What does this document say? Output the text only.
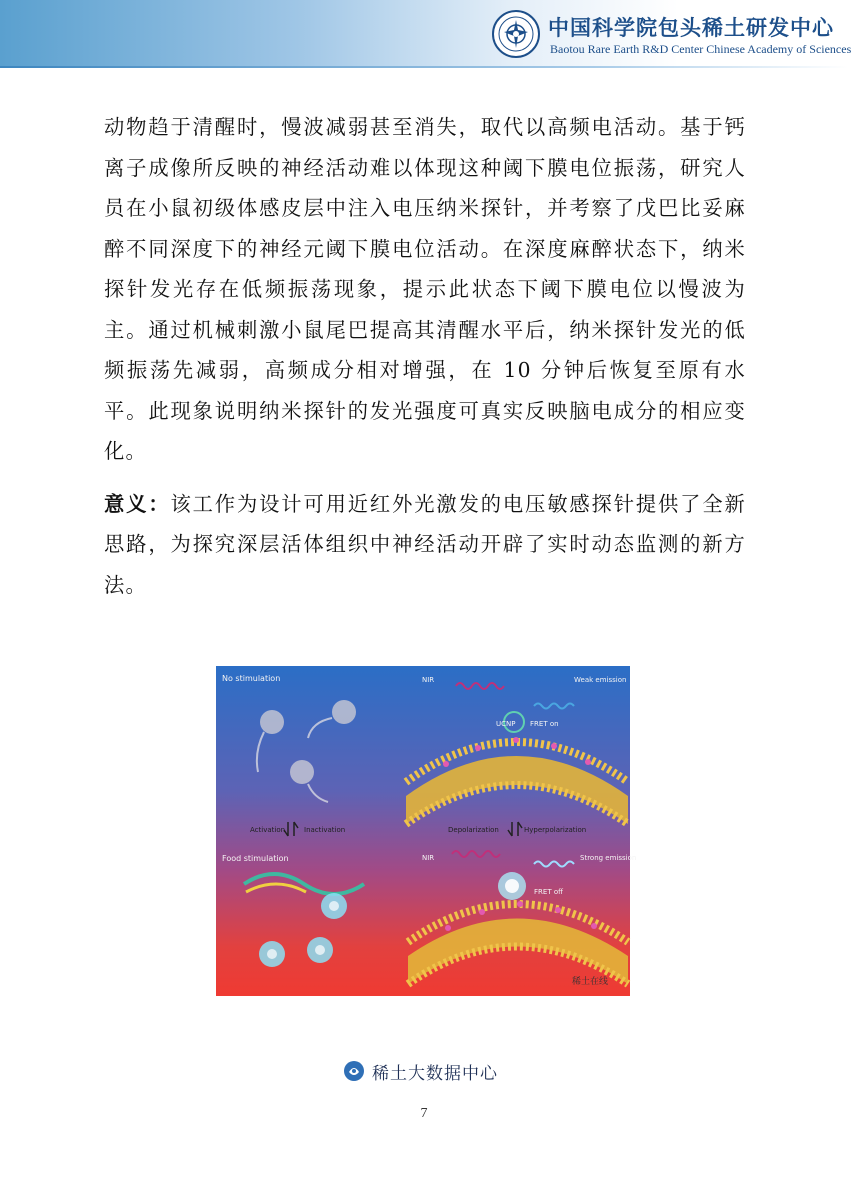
中国科学院包头稀土研发中心
Baotou Rare Earth R&D Center Chinese Academy of Sciences

动物趋于清醒时，慢波减弱甚至消失，取代以高频电活动。基于钙离子成像所反映的神经活动难以体现这种阈下膜电位振荡，研究人员在小鼠初级体感皮层中注入电压纳米探针，并考察了戊巴比妥麻醉不同深度下的神经元阈下膜电位活动。在深度麻醉状态下，纳米探针发光存在低频振荡现象，提示此状态下阈下膜电位以慢波为主。通过机械刺激小鼠尾巴提高其清醒水平后，纳米探针发光的低频振荡先减弱，高频成分相对增强，在 10 分钟后恢复至原有水平。此现象说明纳米探针的发光强度可真实反映脑电成分的相应变化。

意义：该工作为设计可用近红外光激发的电压敏感探针提供了全新思路，为探究深层活体组织中神经活动开辟了实时动态监测的新方法。

No stimulation
Food stimulation
Activation	Inactivation	Depolarization	Hyperpolarization
NIR
NIR
Weak emission
Strong emission
UCNP FRET on
FRET off
稀土在线
稀土大数据中心
7
